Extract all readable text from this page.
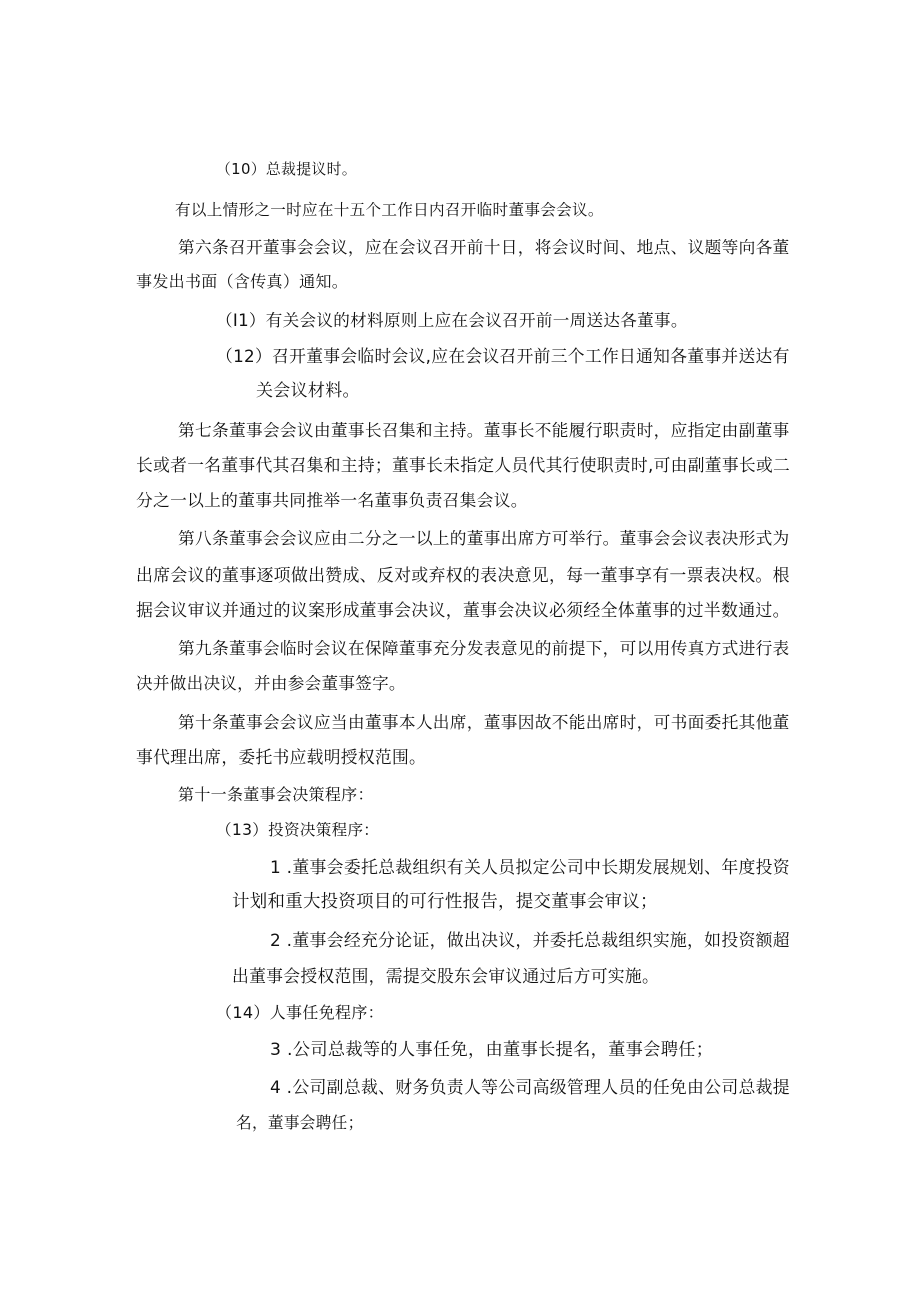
（10）总裁提议时。
有以上情形之一时应在十五个工作日内召开临时董事会会议。
第六条召开董事会会议，应在会议召开前十日，将会议时间、地点、议题等向各董
事发出书面（含传真）通知。
（I1）有关会议的材料原则上应在会议召开前一周送达各董事。
（12）召开董事会临时会议,应在会议召开前三个工作日通知各董事并送达有
关会议材料。
第七条董事会会议由董事长召集和主持。董事长不能履行职责时，应指定由副董事
长或者一名董事代其召集和主持；董事长未指定人员代其行使职责时,可由副董事长或二
分之一以上的董事共同推举一名董事负责召集会议。
第八条董事会会议应由二分之一以上的董事出席方可举行。董事会会议表决形式为
出席会议的董事逐项做出赞成、反对或弃权的表决意见，每一董事享有一票表决权。根
据会议审议并通过的议案形成董事会决议，董事会决议必须经全体董事的过半数通过。
第九条董事会临时会议在保障董事充分发表意见的前提下，可以用传真方式进行表
决并做出决议，并由参会董事签字。
第十条董事会会议应当由董事本人出席，董事因故不能出席时，可书面委托其他董
事代理出席，委托书应载明授权范围。
第十一条董事会决策程序：
（13）投资决策程序：
1 .董事会委托总裁组织有关人员拟定公司中长期发展规划、年度投资
计划和重大投资项目的可行性报告，提交董事会审议；
2 .董事会经充分论证，做出决议，并委托总裁组织实施，如投资额超
出董事会授权范围，需提交股东会审议通过后方可实施。
（14）人事任免程序：
3 .公司总裁等的人事任免，由董事长提名，董事会聘任；
4 .公司副总裁、财务负责人等公司高级管理人员的任免由公司总裁提
名，董事会聘任；
